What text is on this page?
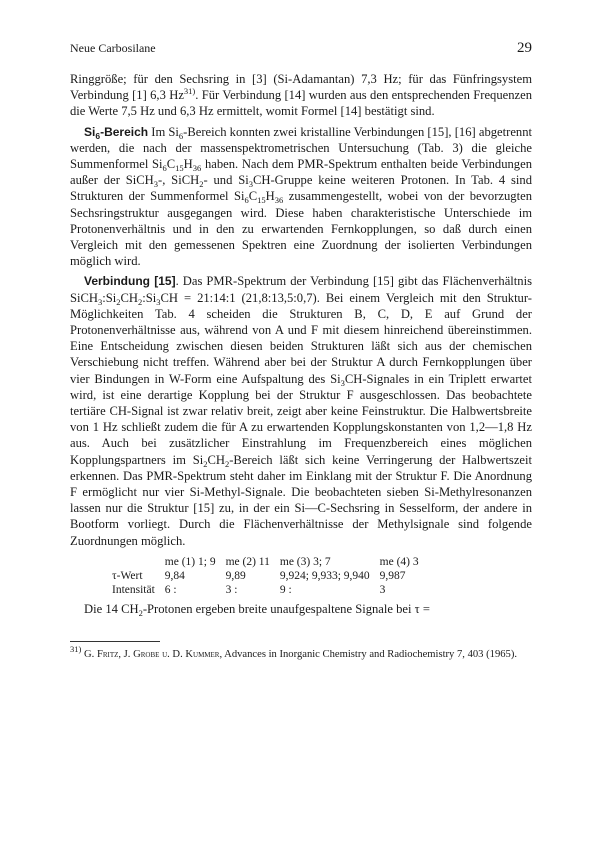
Neue Carbosilane	29

Ringgröße; für den Sechsring in [3] (Si-Adamantan) 7,3 Hz; für das Fünfringsystem Verbindung [1] 6,3 Hz$^{31)}$. Für Verbindung [14] wurden aus den entsprechenden Frequenzen die Werte 7,5 Hz und 6,3 Hz ermittelt, womit Formel [14] bestätigt sind.

$Si_6$-Bereich Im $Si_6$-Bereich konnten zwei kristalline Verbindungen [15], [16] abgetrennt werden, die nach der massenspektrometrischen Untersuchung (Tab. 3) die gleiche Summenformel $Si_6C_{15}H_{36}$ haben. Nach dem PMR-Spektrum enthalten beide Verbindungen außer der SiCH$_3$-, SiCH$_2$- und $Si_3CH$-Gruppe keine weiteren Protonen. In Tab. 4 sind Strukturen der Summenformel $Si_6C_{15}H_{36}$ zusammengestellt, wobei von der bevorzugten Sechsringstruktur ausgegangen wird. Diese haben charakteristische Unterschiede im Protonenverhältnis und in den zu erwartenden Fernkopplungen, so daß durch einen Vergleich mit den gemessenen Spektren eine Zuordnung der isolierten Verbindungen möglich wird.

Verbindung [15]. Das PMR-Spektrum der Verbindung [15] gibt das Flächenverhältnis $SiCH_3:Si_2CH_2:Si_3CH$ = 21:14:1 (21,8:13,5:0,7). Bei einem Vergleich mit den Struktur-Möglichkeiten Tab. 4 scheiden die Strukturen B, C, D, E auf Grund der Protonenverhältnisse aus, während von A und F mit diesem hinreichend übereinstimmen. Eine Entscheidung zwischen diesen beiden Strukturen läßt sich aus der chemischen Verschiebung nicht treffen. Während aber bei der Struktur A durch Fernkopplungen über vier Bindungen in W-Form eine Aufspaltung des $Si_3CH$-Signales in ein Triplett erwartet wird, ist eine derartige Kopplung bei der Struktur F ausgeschlossen. Das beobachtete tertiäre CH-Signal ist zwar relativ breit, zeigt aber keine Feinstruktur. Die Halbwertsbreite von 1 Hz schließt zudem die für A zu erwartenden Kopplungskonstanten von 1,2—1,8 Hz aus. Auch bei zusätzlicher Einstrahlung im Frequenzbereich eines möglichen Kopplungspartners im $Si_2CH_2$-Bereich läßt sich keine Verringerung der Halbwertszeit erkennen. Das PMR-Spektrum steht daher im Einklang mit der Struktur F. Die Anordnung F ermöglicht nur vier Si-Methyl-Signale. Die beobachteten sieben Si-Methylresonanzen lassen nur die Struktur [15] zu, in der ein Si—C-Sechsring in Sesselform, der andere in Bootform vorliegt. Durch die Flächenverhältnisse der Methylsignale sind folgende Zuordnungen möglich.

	me (1) 1; 9	me (2) 11	me (3) 3; 7	me (4) 3
τ-Wert	9,84	9,89	9,924; 9,933; 9,940	9,987
Intensität	6 :	3 :	9 :	3

Die 14 $CH_2$-Protonen ergeben breite unaufgespaltene Signale bei τ =

$^{31)}$ G. Fritz, J. Grobe u. D. Kummer, Advances in Inorganic Chemistry and Radiochemistry 7, 403 (1965).
